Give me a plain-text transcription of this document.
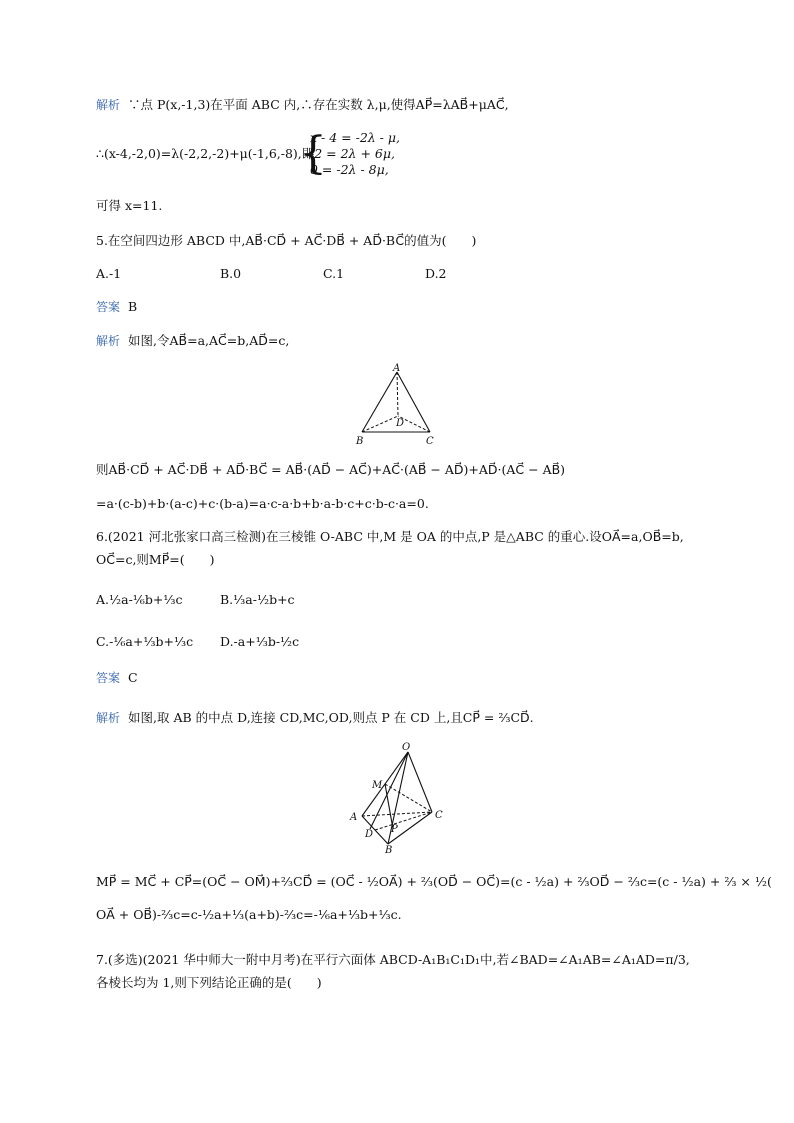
解析 ∵点 P(x,-1,3)在平面 ABC 内,∴存在实数 λ,μ,使得AP⃗=λAB⃗+μAC⃗,
∴(x-4,-2,0)=λ(-2,2,-2)+μ(-1,6,-8),即
{
x - 4 = -2λ - μ,
-2 = 2λ + 6μ,
0 = -2λ - 8μ,
可得 x=11.
5.在空间四边形 ABCD 中,AB⃗·CD⃗ + AC⃗·DB⃗ + AD⃗·BC⃗的值为(　　)
A.-1	B.0	C.1	D.2
答案 B
解析 如图,令AB⃗=a,AC⃗=b,AD⃗=c,
A
B	C
D
则AB⃗·CD⃗ + AC⃗·DB⃗ + AD⃗·BC⃗ = AB⃗·(AD⃗ − AC⃗)+AC⃗·(AB⃗ − AD⃗)+AD⃗·(AC⃗ − AB⃗)
=a·(c-b)+b·(a-c)+c·(b-a)=a·c-a·b+b·a-b·c+c·b-c·a=0.
6.(2021 河北张家口高三检测)在三棱锥 O-ABC 中,M 是 OA 的中点,P 是△ABC 的重心.设OA⃗=a,OB⃗=b,
OC⃗=c,则MP⃗=(　　)
A.½a-⅙b+⅓c	B.⅓a-½b+c
C.-⅙a+⅓b+⅓c D.-a+⅓b-½c
答案 C
解析 如图,取 AB 的中点 D,连接 CD,MC,OD,则点 P 在 CD 上,且CP⃗ = ⅔CD⃗.
O
M
A	C
D P
B
MP⃗ = MC⃗ + CP⃗=(OC⃗ − OM⃗)+⅔CD⃗ = (OC⃗ - ½OA⃗) + ⅔(OD⃗ − OC⃗)=(c - ½a) + ⅔OD⃗ − ⅔c=(c - ½a) + ⅔ × ½(
OA⃗ + OB⃗)-⅔c=c-½a+⅓(a+b)-⅔c=-⅙a+⅓b+⅓c.
7.(多选)(2021 华中师大一附中月考)在平行六面体 ABCD-A₁B₁C₁D₁中,若∠BAD=∠A₁AB=∠A₁AD=π/3,
各棱长均为 1,则下列结论正确的是(　　)
